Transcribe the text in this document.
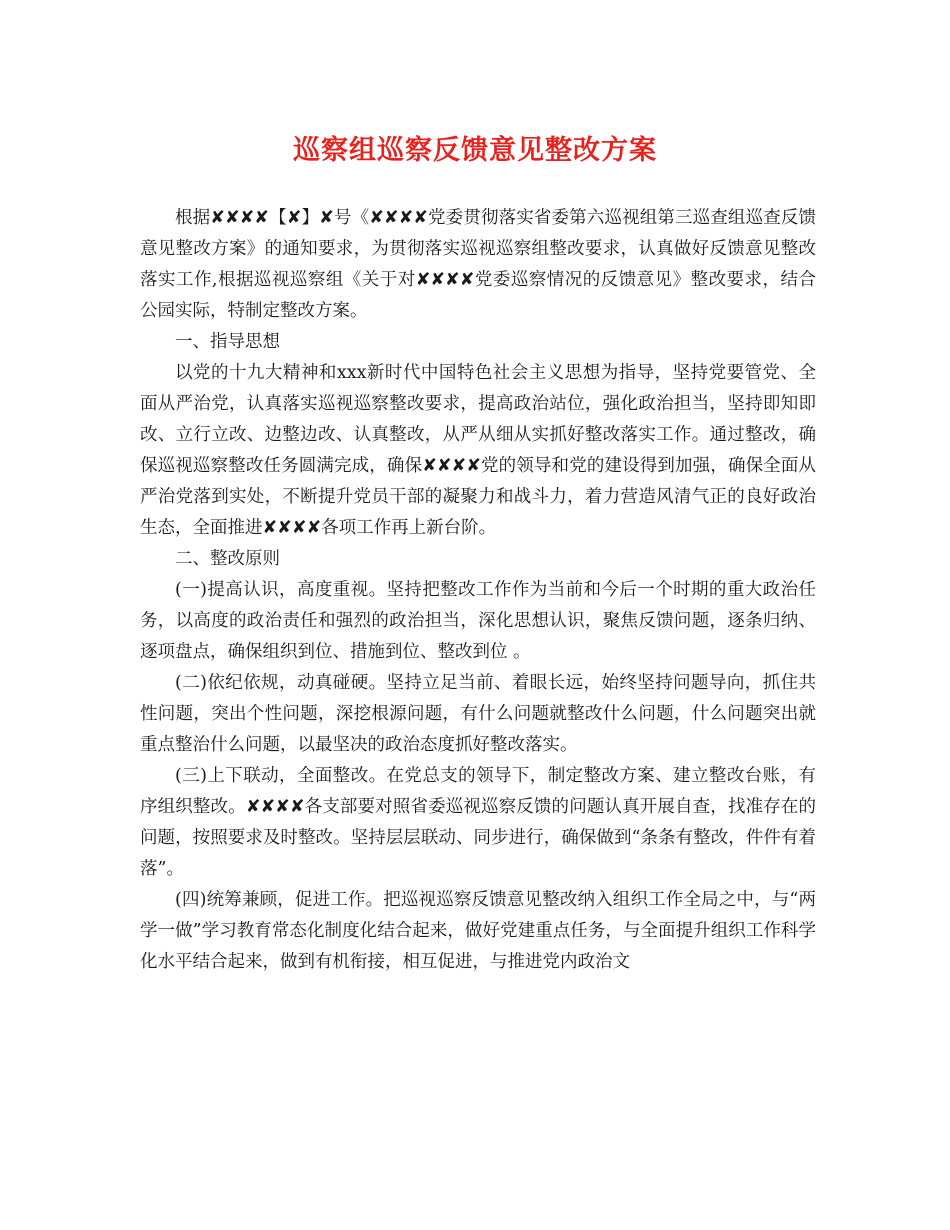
巡察组巡察反馈意见整改方案

根据✘✘✘✘【✘】✘号《✘✘✘✘党委贯彻落实省委第六巡视组第三巡查组巡查反馈意见整改方案》的通知要求，为贯彻落实巡视巡察组整改要求，认真做好反馈意见整改落实工作,根据巡视巡察组《关于对✘✘✘✘党委巡察情况的反馈意见》整改要求，结合公园实际，特制定整改方案。

一、指导思想

以党的十九大精神和xxx新时代中国特色社会主义思想为指导，坚持党要管党、全面从严治党，认真落实巡视巡察整改要求，提高政治站位，强化政治担当，坚持即知即改、立行立改、边整边改、认真整改，从严从细从实抓好整改落实工作。通过整改，确保巡视巡察整改任务圆满完成，确保✘✘✘✘党的领导和党的建设得到加强，确保全面从严治党落到实处，不断提升党员干部的凝聚力和战斗力，着力营造风清气正的良好政治生态，全面推进✘✘✘✘各项工作再上新台阶。

二、整改原则

(一)提高认识，高度重视。坚持把整改工作作为当前和今后一个时期的重大政治任务，以高度的政治责任和强烈的政治担当，深化思想认识，聚焦反馈问题，逐条归纳、逐项盘点，确保组织到位、措施到位、整改到位 。

(二)依纪依规，动真碰硬。坚持立足当前、着眼长远，始终坚持问题导向，抓住共性问题，突出个性问题，深挖根源问题，有什么问题就整改什么问题，什么问题突出就重点整治什么问题，以最坚决的政治态度抓好整改落实。

(三)上下联动，全面整改。在党总支的领导下，制定整改方案、建立整改台账，有序组织整改。✘✘✘✘各支部要对照省委巡视巡察反馈的问题认真开展自查，找准存在的问题，按照要求及时整改。坚持层层联动、同步进行，确保做到“条条有整改，件件有着落”。

(四)统筹兼顾，促进工作。把巡视巡察反馈意见整改纳入组织工作全局之中，与“两学一做”学习教育常态化制度化结合起来，做好党建重点任务，与全面提升组织工作科学化水平结合起来，做到有机衔接，相互促进，与推进党内政治文
